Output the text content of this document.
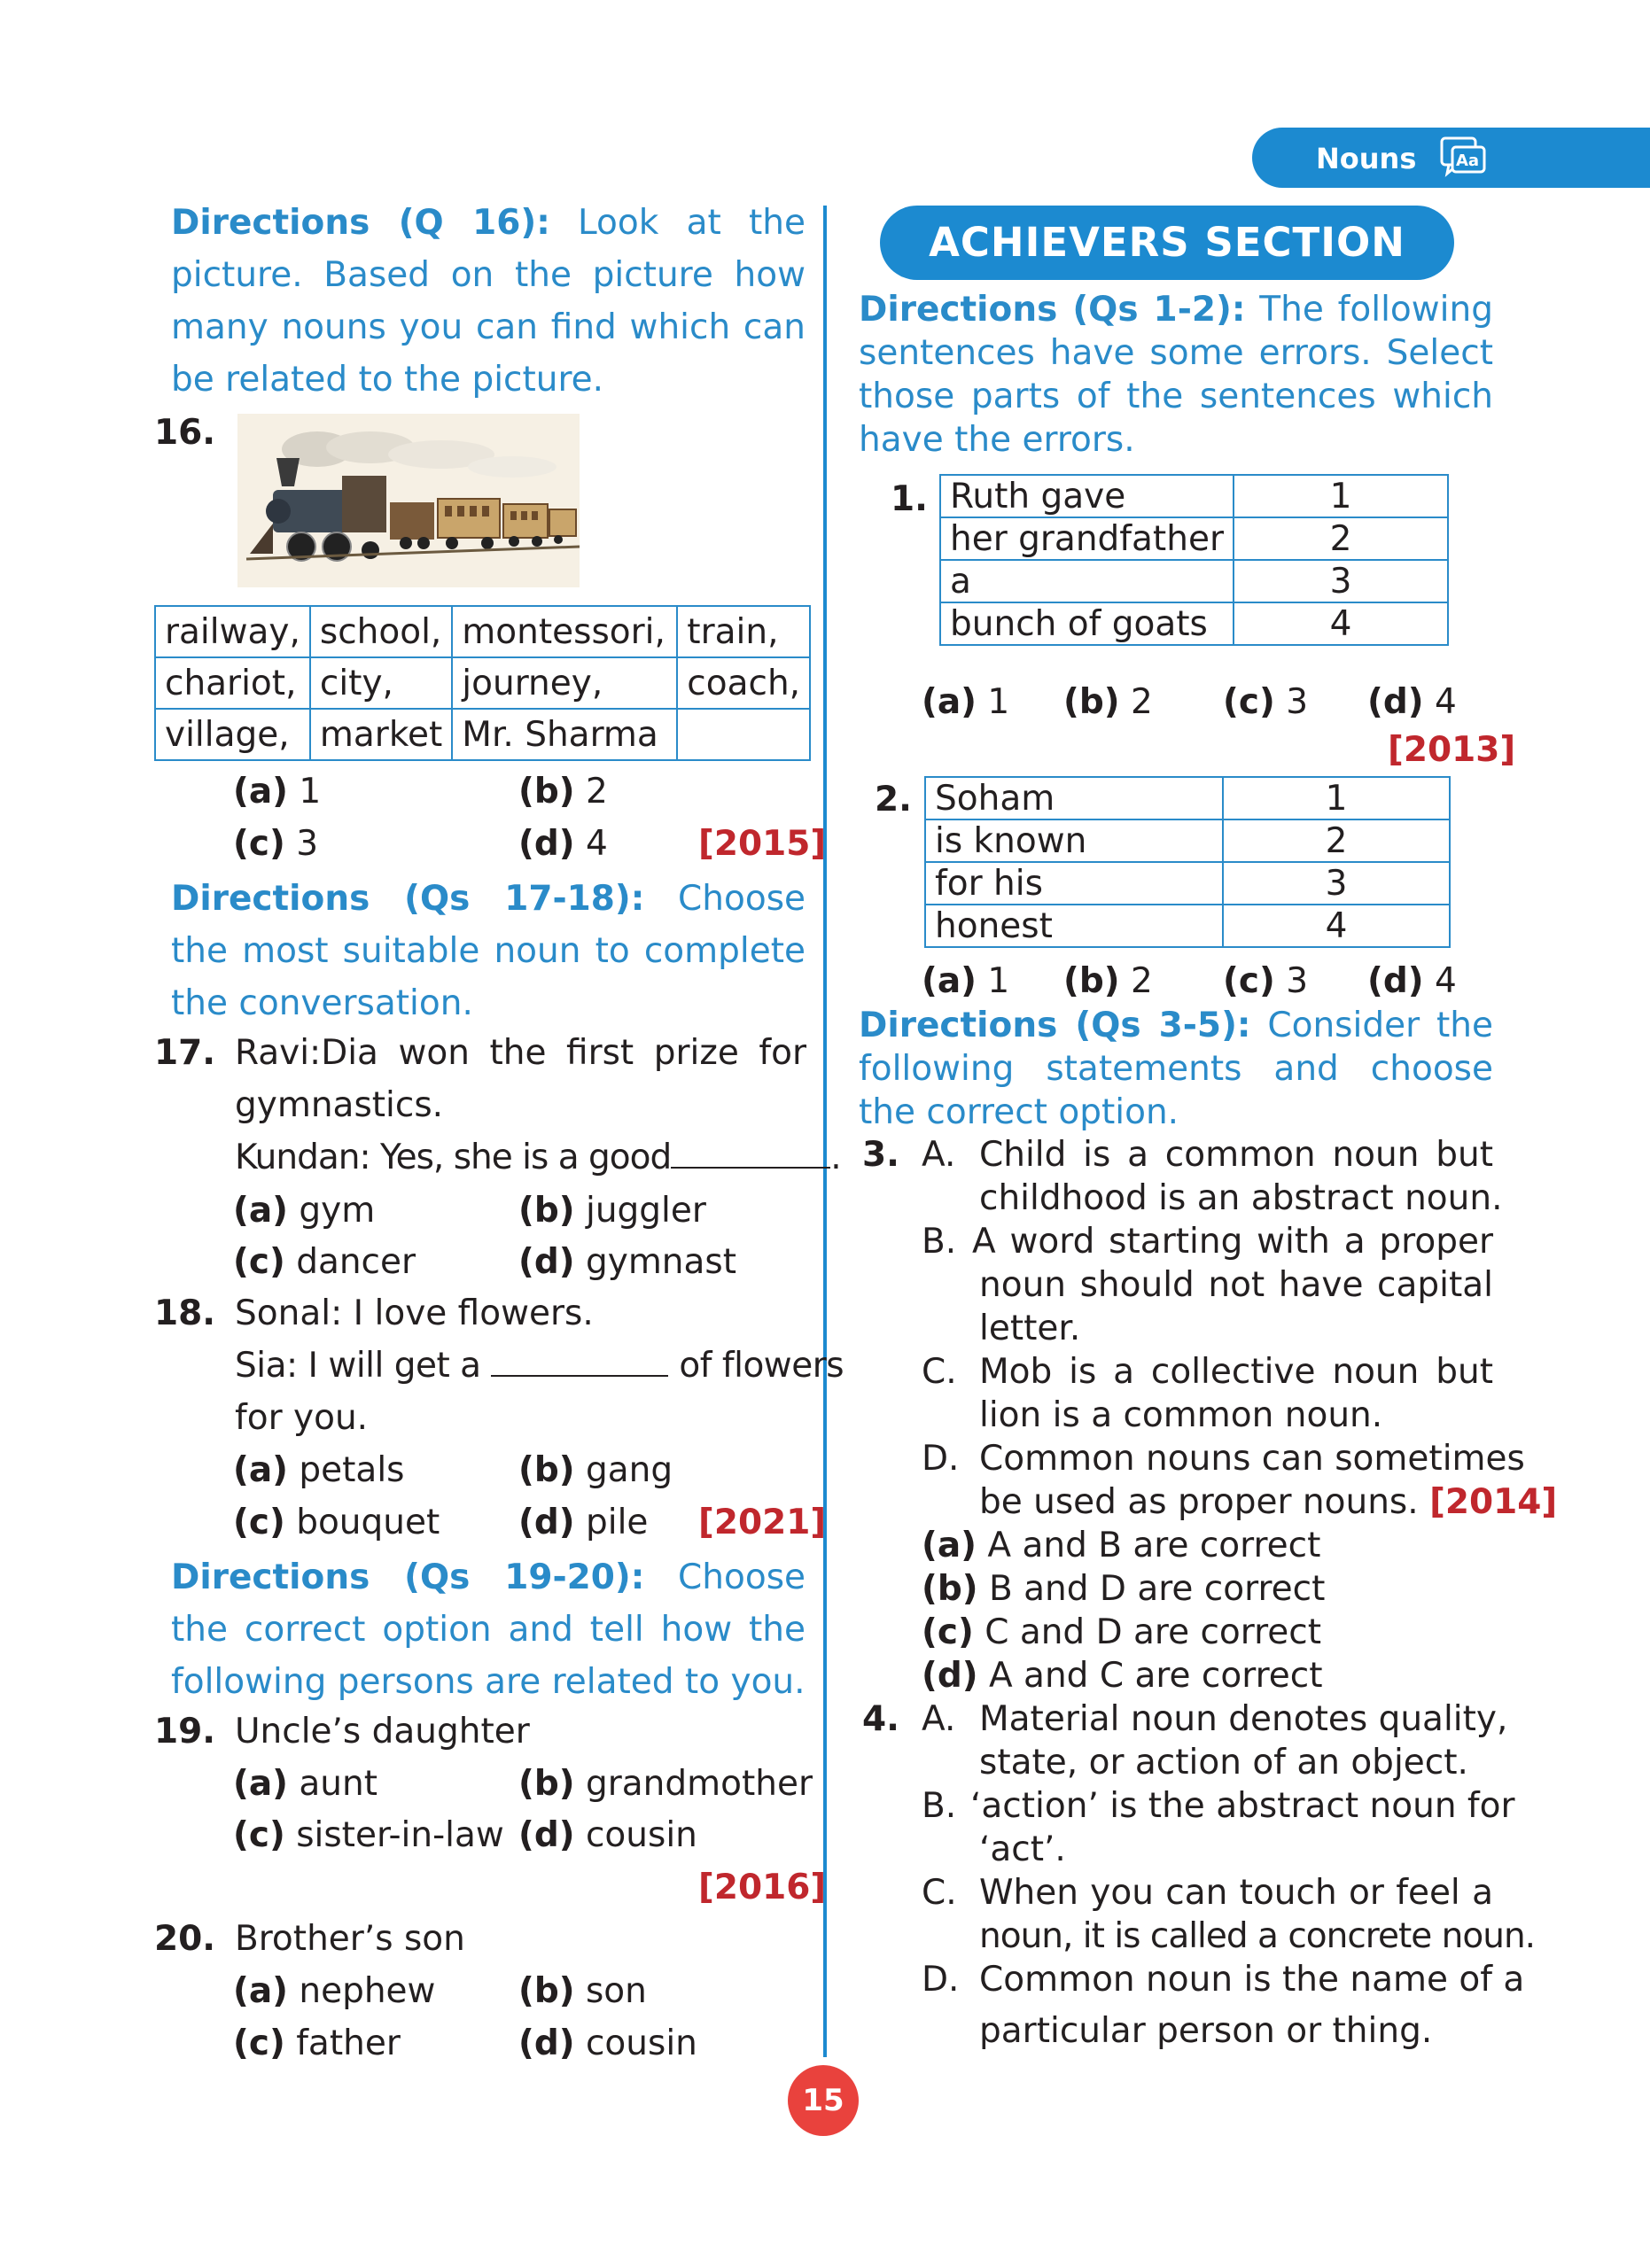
Nouns Aa
Directions (Q 16): Look at the picture. Based on the picture how many nouns you can find which can be related to the picture.
16.
railway,	school,	montessori,	train,
chariot,	city,	journey,	coach,
village,	market	Mr. Sharma	
(a) 1	(b) 2
(c) 3	(d) 4	[2015]
Directions (Qs 17-18): Choose the most suitable noun to complete the conversation.
17. Ravi:Dia won the first prize for
gymnastics.
Kundan: Yes, she is a good	.
(a) gym	(b) juggler
(c) dancer	(d) gymnast
18. Sonal: I love flowers.
Sia: I will get a	of flowers
for you.
(a) petals	(b) gang
(c) bouquet (d) pile [2021]
Directions (Qs 19-20): Choose the correct option and tell how the following persons are related to you.
19. Uncle’s daughter
(a) aunt	(b) grandmother
(c) sister-in-law (d) cousin
[2016]
20. Brother’s son
(a) nephew (b) son
(c) father	(d) cousin
15
ACHIEVERS SECTION
Directions (Qs 1-2): The following sentences have some errors. Select those parts of the sentences which have the errors.
1. Ruth gave	1
her grandfather	2
a	3
bunch of goats	4
(a) 1 (b) 2 (c) 3 (d) 4
[2013]
2. Soham	1
is known	2
for his	3
honest	4
(a) 1 (b) 2 (c) 3 (d) 4
Directions (Qs 3-5): Consider the following statements and choose the correct option.
3. A. Child is a common noun but
childhood is an abstract noun.
B. A word starting with a proper
noun should not have capital
letter.
C. Mob is a collective noun but
lion is a common noun.
D. Common nouns can sometimes
be used as proper nouns. [2014]
(a) A and B are correct
(b) B and D are correct
(c) C and D are correct
(d) A and C are correct
4. A. Material noun denotes quality,
state, or action of an object.
B. ‘action’ is the abstract noun for
‘act’.
C. When you can touch or feel a
noun, it is called a concrete noun.
D. Common noun is the name of a
particular person or thing.
